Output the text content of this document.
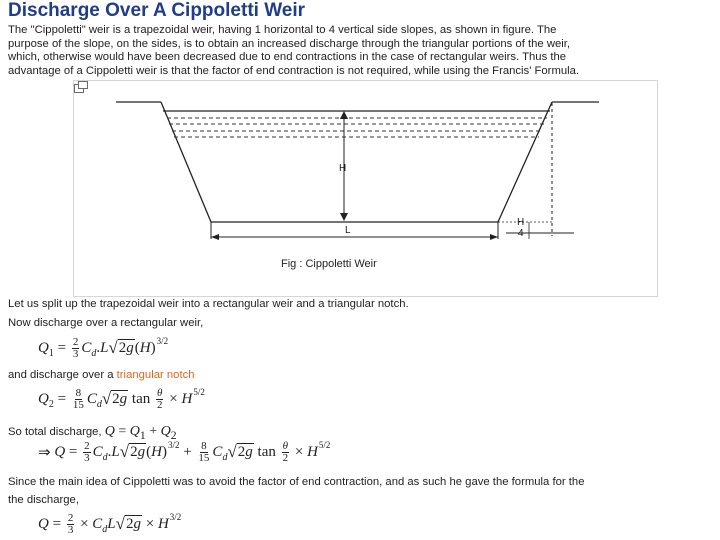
Discharge Over A Cippoletti Weir
The "Cippoletti" weir is a trapezoidal weir, having 1 horizontal to 4 vertical side slopes, as shown in figure. The
purpose of the slope, on the sides, is to obtain an increased discharge through the triangular portions of the weir,
which, otherwise would have been decreased due to end contractions in the case of rectangular weirs. Thus the
advantage of a Cippoletti weir is that the factor of end contraction is not required, while using the Francis' Formula.
H
L
H
4
Fig : Cippoletti Weir
Let us split up the trapezoidal weir into a rectangular weir and a triangular notch.
Now discharge over a rectangular weir,
$Q_1 = \frac{2}{3} C_d$ . L √ 2g ( H ) 3/2
and discharge over a triangular notch
$Q_2 = \frac{8}{15} C_d$ √ 2g $\tan \frac{\theta}{2} \times H$ 5/2
So total discharge, $Q = Q_1 + Q_2$
⇒ $Q = \frac{2}{3} C_d$ . L √ 2g ( H ) $3/2 + \frac{8}{15} C_d$ √ 2g $\tan \frac{\theta}{2} \times H$ 5/2
Since the main idea of Cippoletti was to avoid the factor of end contraction, and as such he gave the formula for the
the discharge,
$Q = \frac{2}{3} \times C_d$ L √ 2g × H 3/2
